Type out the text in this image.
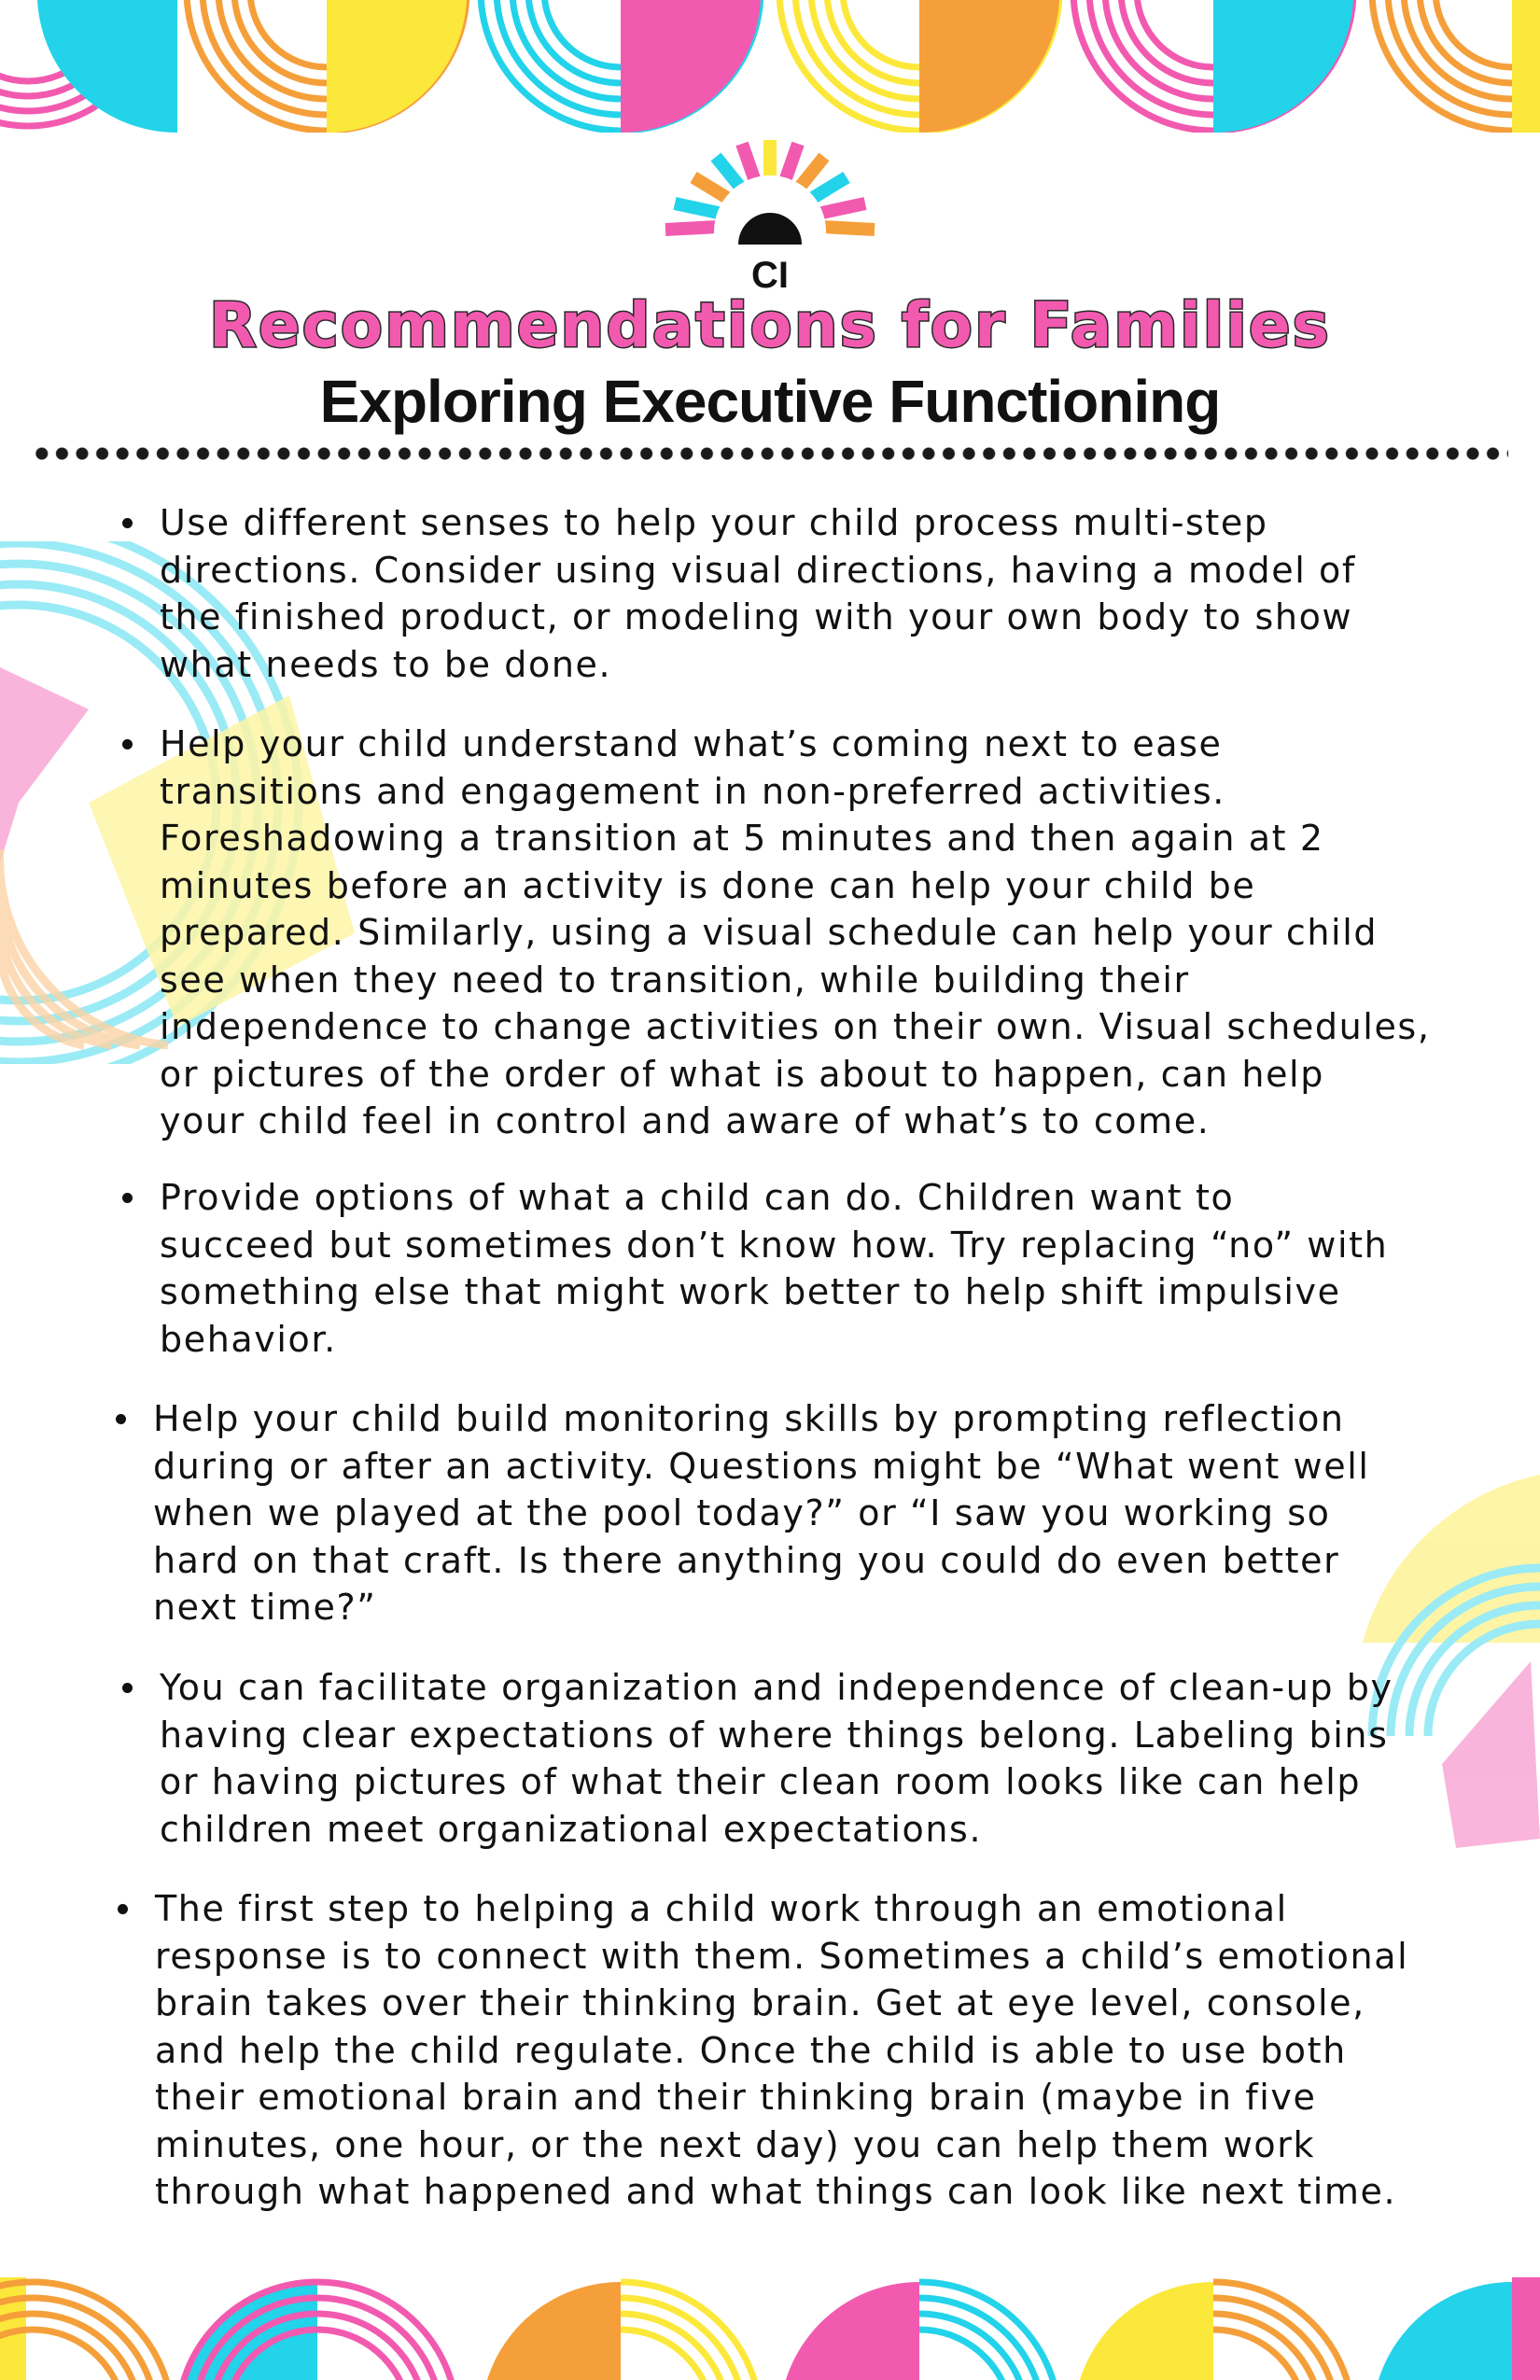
CI
Recommendations for Families
Exploring Executive Functioning
Use different senses to help your child process multi-step
directions. Consider using visual directions, having a model of
the finished product, or modeling with your own body to show
what needs to be done.
Help your child understand what’s coming next to ease
transitions and engagement in non-preferred activities.
Foreshadowing a transition at 5 minutes and then again at 2
minutes before an activity is done can help your child be
prepared. Similarly, using a visual schedule can help your child
see when they need to transition, while building their
independence to change activities on their own. Visual schedules,
or pictures of the order of what is about to happen, can help
your child feel in control and aware of what’s to come.
Provide options of what a child can do. Children want to
succeed but sometimes don’t know how. Try replacing “no” with
something else that might work better to help shift impulsive
behavior.
Help your child build monitoring skills by prompting reflection
during or after an activity. Questions might be “What went well
when we played at the pool today?” or “I saw you working so
hard on that craft. Is there anything you could do even better
next time?”
You can facilitate organization and independence of clean-up by
having clear expectations of where things belong. Labeling bins
or having pictures of what their clean room looks like can help
children meet organizational expectations.
The first step to helping a child work through an emotional
response is to connect with them. Sometimes a child’s emotional
brain takes over their thinking brain. Get at eye level, console,
and help the child regulate. Once the child is able to use both
their emotional brain and their thinking brain (maybe in five
minutes, one hour, or the next day) you can help them work
through what happened and what things can look like next time.
